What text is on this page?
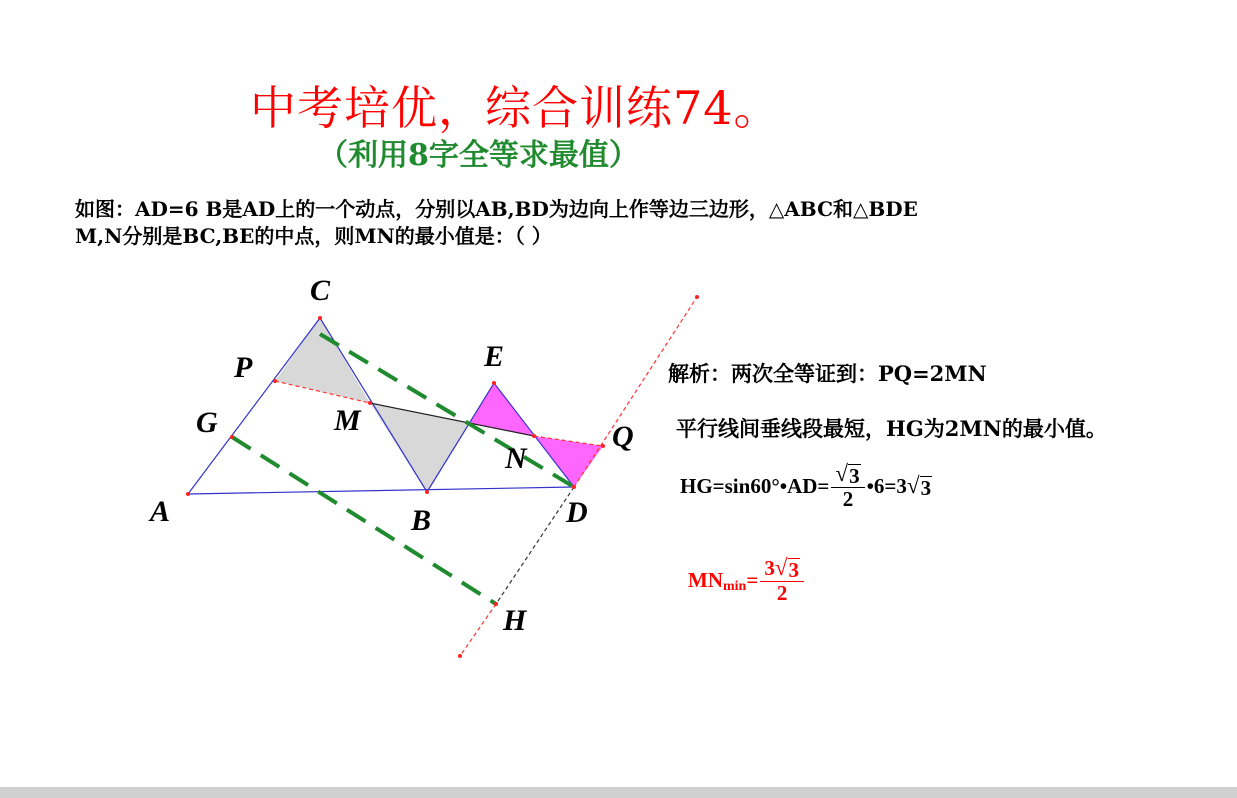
中考培优，综合训练74。
（利用8字全等求最值）
如图：AD=6 B是AD上的一个动点，分别以AB,BD为边向上作等边三边形，△ABC和△BDE
M,N分别是BC,BE的中点，则MN的最小值是：（ ）
C
P
G	M
A	B
E
N
Q
D
H
解析：两次全等证到：PQ=2MN
平行线间垂线段最短，HG为2MN的最小值。
HG=sin60°•AD= $\frac{√ 3}{2}$ •6=3 √ 3
MN $\min = \frac{3 √ 3}{2}$
